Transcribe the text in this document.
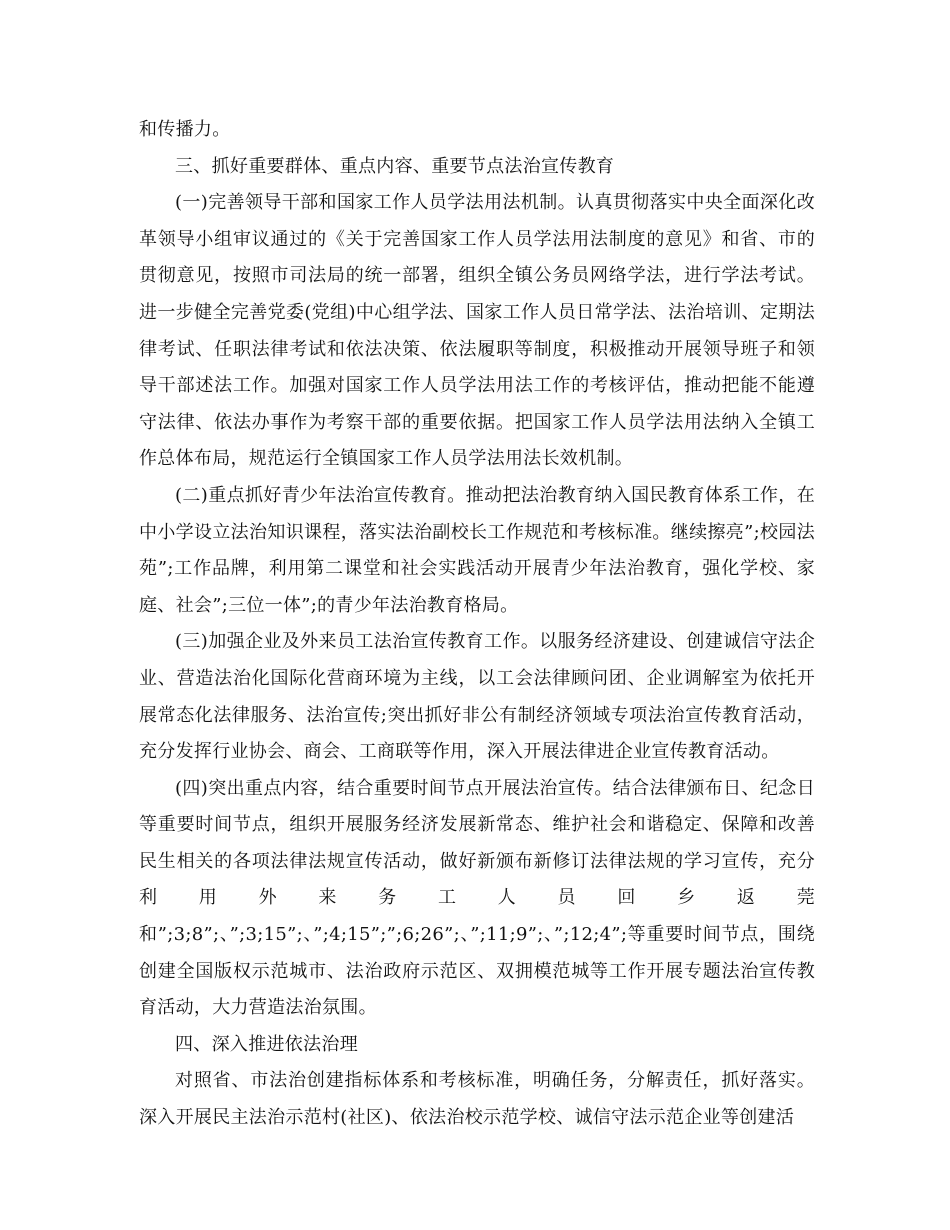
和传播力。

三、抓好重要群体、重点内容、重要节点法治宣传教育

(一)完善领导干部和国家工作人员学法用法机制。认真贯彻落实中央全面深化改革领导小组审议通过的《关于完善国家工作人员学法用法制度的意见》和省、市的贯彻意见，按照市司法局的统一部署，组织全镇公务员网络学法，进行学法考试。进一步健全完善党委(党组)中心组学法、国家工作人员日常学法、法治培训、定期法律考试、任职法律考试和依法决策、依法履职等制度，积极推动开展领导班子和领导干部述法工作。加强对国家工作人员学法用法工作的考核评估，推动把能不能遵守法律、依法办事作为考察干部的重要依据。把国家工作人员学法用法纳入全镇工作总体布局，规范运行全镇国家工作人员学法用法长效机制。

(二)重点抓好青少年法治宣传教育。推动把法治教育纳入国民教育体系工作，在中小学设立法治知识课程，落实法治副校长工作规范和考核标准。继续擦亮”;校园法苑”;工作品牌，利用第二课堂和社会实践活动开展青少年法治教育，强化学校、家庭、社会”;三位一体”;的青少年法治教育格局。

(三)加强企业及外来员工法治宣传教育工作。以服务经济建设、创建诚信守法企业、营造法治化国际化营商环境为主线，以工会法律顾问团、企业调解室为依托开展常态化法律服务、法治宣传;突出抓好非公有制经济领域专项法治宣传教育活动，充分发挥行业协会、商会、工商联等作用，深入开展法律进企业宣传教育活动。

(四)突出重点内容，结合重要时间节点开展法治宣传。结合法律颁布日、纪念日等重要时间节点，组织开展服务经济发展新常态、维护社会和谐稳定、保障和改善民生相关的各项法律法规宣传活动，做好新颁布新修订法律法规的学习宣传，充分利用外来务工人员回乡返莞和”;3;8”;、”;3;15”;、”;4;15”;”;6;26”;、”;11;9”;、”;12;4”;等重要时间节点，围绕创建全国版权示范城市、法治政府示范区、双拥模范城等工作开展专题法治宣传教育活动，大力营造法治氛围。

四、深入推进依法治理

对照省、市法治创建指标体系和考核标准，明确任务，分解责任，抓好落实。深入开展民主法治示范村(社区)、依法治校示范学校、诚信守法示范企业等创建活
